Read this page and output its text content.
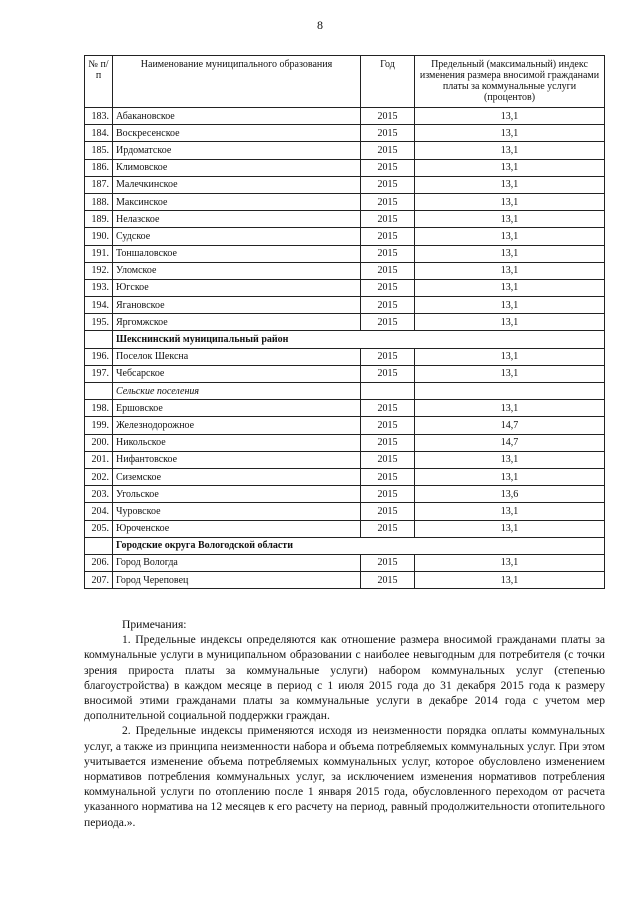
8
№ п/п	Наименование муниципального образования	Год	Предельный (максимальный) индекс изменения размера вносимой гражданами платы за коммунальные услуги (процентов)
183.	Абакановское	2015	13,1
184.	Воскресенское	2015	13,1
185.	Ирдоматское	2015	13,1
186.	Климовское	2015	13,1
187.	Малечкинское	2015	13,1
188.	Максинское	2015	13,1
189.	Нелазское	2015	13,1
190.	Судское	2015	13,1
191.	Тоншаловское	2015	13,1
192.	Уломское	2015	13,1
193.	Югское	2015	13,1
194.	Ягановское	2015	13,1
195.	Яргомжское	2015	13,1
	Шекснинский муниципальный район		
196.	Поселок Шексна	2015	13,1
197.	Чебсарское	2015	13,1
	Сельские поселения		
198.	Ершовское	2015	13,1
199.	Железнодорожное	2015	14,7
200.	Никольское	2015	14,7
201.	Нифантовское	2015	13,1
202.	Сиземское	2015	13,1
203.	Угольское	2015	13,6
204.	Чуровское	2015	13,1
205.	Юроченское	2015	13,1
	Городские округа Вологодской области		
206.	Город Вологда	2015	13,1
207.	Город Череповец	2015	13,1

Примечания:

1. Предельные индексы определяются как отношение размера вносимой гражданами платы за коммунальные услуги в муниципальном образовании с наиболее невыгодным для потребителя (с точки зрения прироста платы за коммунальные услуги) набором коммунальных услуг (степенью благоустройства) в каждом месяце в период с 1 июля 2015 года до 31 декабря 2015 года к размеру вносимой этими гражданами платы за коммунальные услуги в декабре 2014 года с учетом мер дополнительной социальной поддержки граждан.

2. Предельные индексы применяются исходя из неизменности порядка оплаты коммунальных услуг, а также из принципа неизменности набора и объема потребляемых коммунальных услуг. При этом учитывается изменение объема потребляемых коммунальных услуг, которое обусловлено изменением нормативов потребления коммунальных услуг, за исключением изменения нормативов потребления коммунальной услуги по отоплению после 1 января 2015 года, обусловленного переходом от расчета указанного норматива на 12 месяцев к его расчету на период, равный продолжительности отопительного периода.».
